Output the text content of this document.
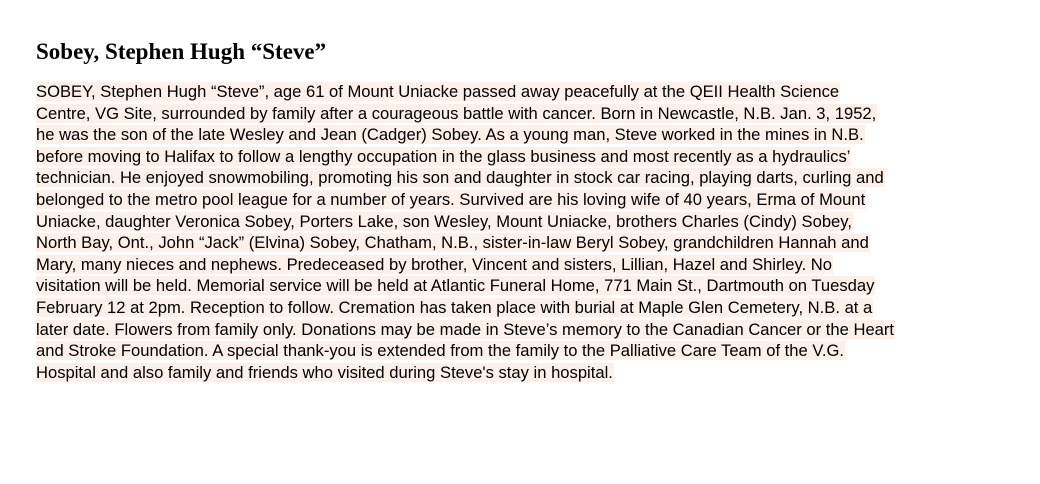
Sobey, Stephen Hugh “Steve”
SOBEY, Stephen Hugh “Steve”, age 61 of Mount Uniacke passed away peacefully at the QEII Health Science
Centre, VG Site, surrounded by family after a courageous battle with cancer. Born in Newcastle, N.B. Jan. 3, 1952,
he was the son of the late Wesley and Jean (Cadger) Sobey. As a young man, Steve worked in the mines in N.B.
before moving to Halifax to follow a lengthy occupation in the glass business and most recently as a hydraulics’
technician. He enjoyed snowmobiling, promoting his son and daughter in stock car racing, playing darts, curling and
belonged to the metro pool league for a number of years. Survived are his loving wife of 40 years, Erma of Mount
Uniacke, daughter Veronica Sobey, Porters Lake, son Wesley, Mount Uniacke, brothers Charles (Cindy) Sobey,
North Bay, Ont., John “Jack” (Elvina) Sobey, Chatham, N.B., sister-in-law Beryl Sobey, grandchildren Hannah and
Mary, many nieces and nephews. Predeceased by brother, Vincent and sisters, Lillian, Hazel and Shirley. No
visitation will be held. Memorial service will be held at Atlantic Funeral Home, 771 Main St., Dartmouth on Tuesday
February 12 at 2pm. Reception to follow. Cremation has taken place with burial at Maple Glen Cemetery, N.B. at a
later date. Flowers from family only. Donations may be made in Steve’s memory to the Canadian Cancer or the Heart
and Stroke Foundation. A special thank-you is extended from the family to the Palliative Care Team of the V.G.
Hospital and also family and friends who visited during Steve's stay in hospital.
